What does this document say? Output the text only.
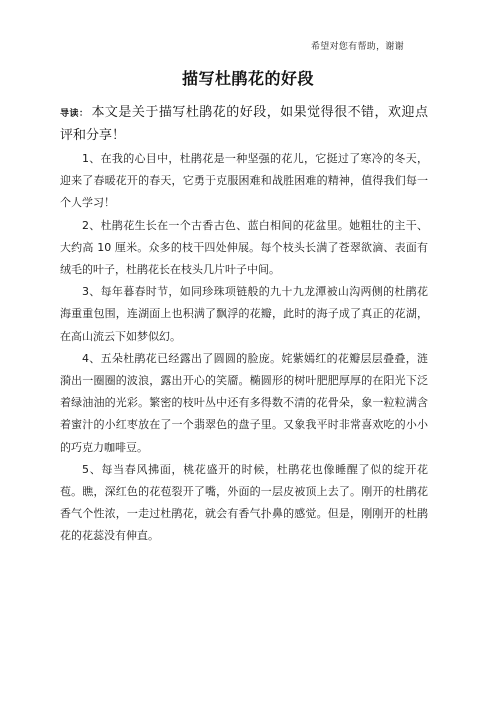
希望对您有帮助，谢谢
描写杜鹃花的好段

导读： 本文是关于描写杜鹃花的好段，如果觉得很不错，欢迎点评和分享！

1、在我的心目中，杜鹃花是一种坚强的花儿，它挺过了寒冷的冬天，迎来了春暖花开的春天，它勇于克服困难和战胜困难的精神，值得我们每一个人学习！

2、杜鹃花生长在一个古香古色、蓝白相间的花盆里。她粗壮的主干、大约高 10 厘米。众多的枝干四处伸展。每个枝头长满了苍翠欲滴、表面有绒毛的叶子，杜鹃花长在枝头几片叶子中间。

3、每年暮春时节，如同珍珠项链般的九十九龙潭被山沟两侧的杜鹃花海重重包围，连湖面上也积满了飘浮的花瓣，此时的海子成了真正的花湖，在高山流云下如梦似幻。

4、五朵杜鹃花已经露出了圆圆的脸庞。姹紫嫣红的花瓣层层叠叠，涟漪出一圈圈的波浪，露出开心的笑靥。椭圆形的树叶肥肥厚厚的在阳光下泛着绿油油的光彩。繁密的枝叶丛中还有多得数不清的花骨朵，象一粒粒满含着蜜汁的小红枣放在了一个翡翠色的盘子里。又象我平时非常喜欢吃的小小的巧克力咖啡豆。

5、每当春风拂面，桃花盛开的时候，杜鹃花也像睡醒了似的绽开花苞。瞧，深红色的花苞裂开了嘴，外面的一层皮被顶上去了。刚开的杜鹃花香气个性浓，一走过杜鹃花，就会有香气扑鼻的感觉。但是，刚刚开的杜鹃花的花蕊没有伸直。
